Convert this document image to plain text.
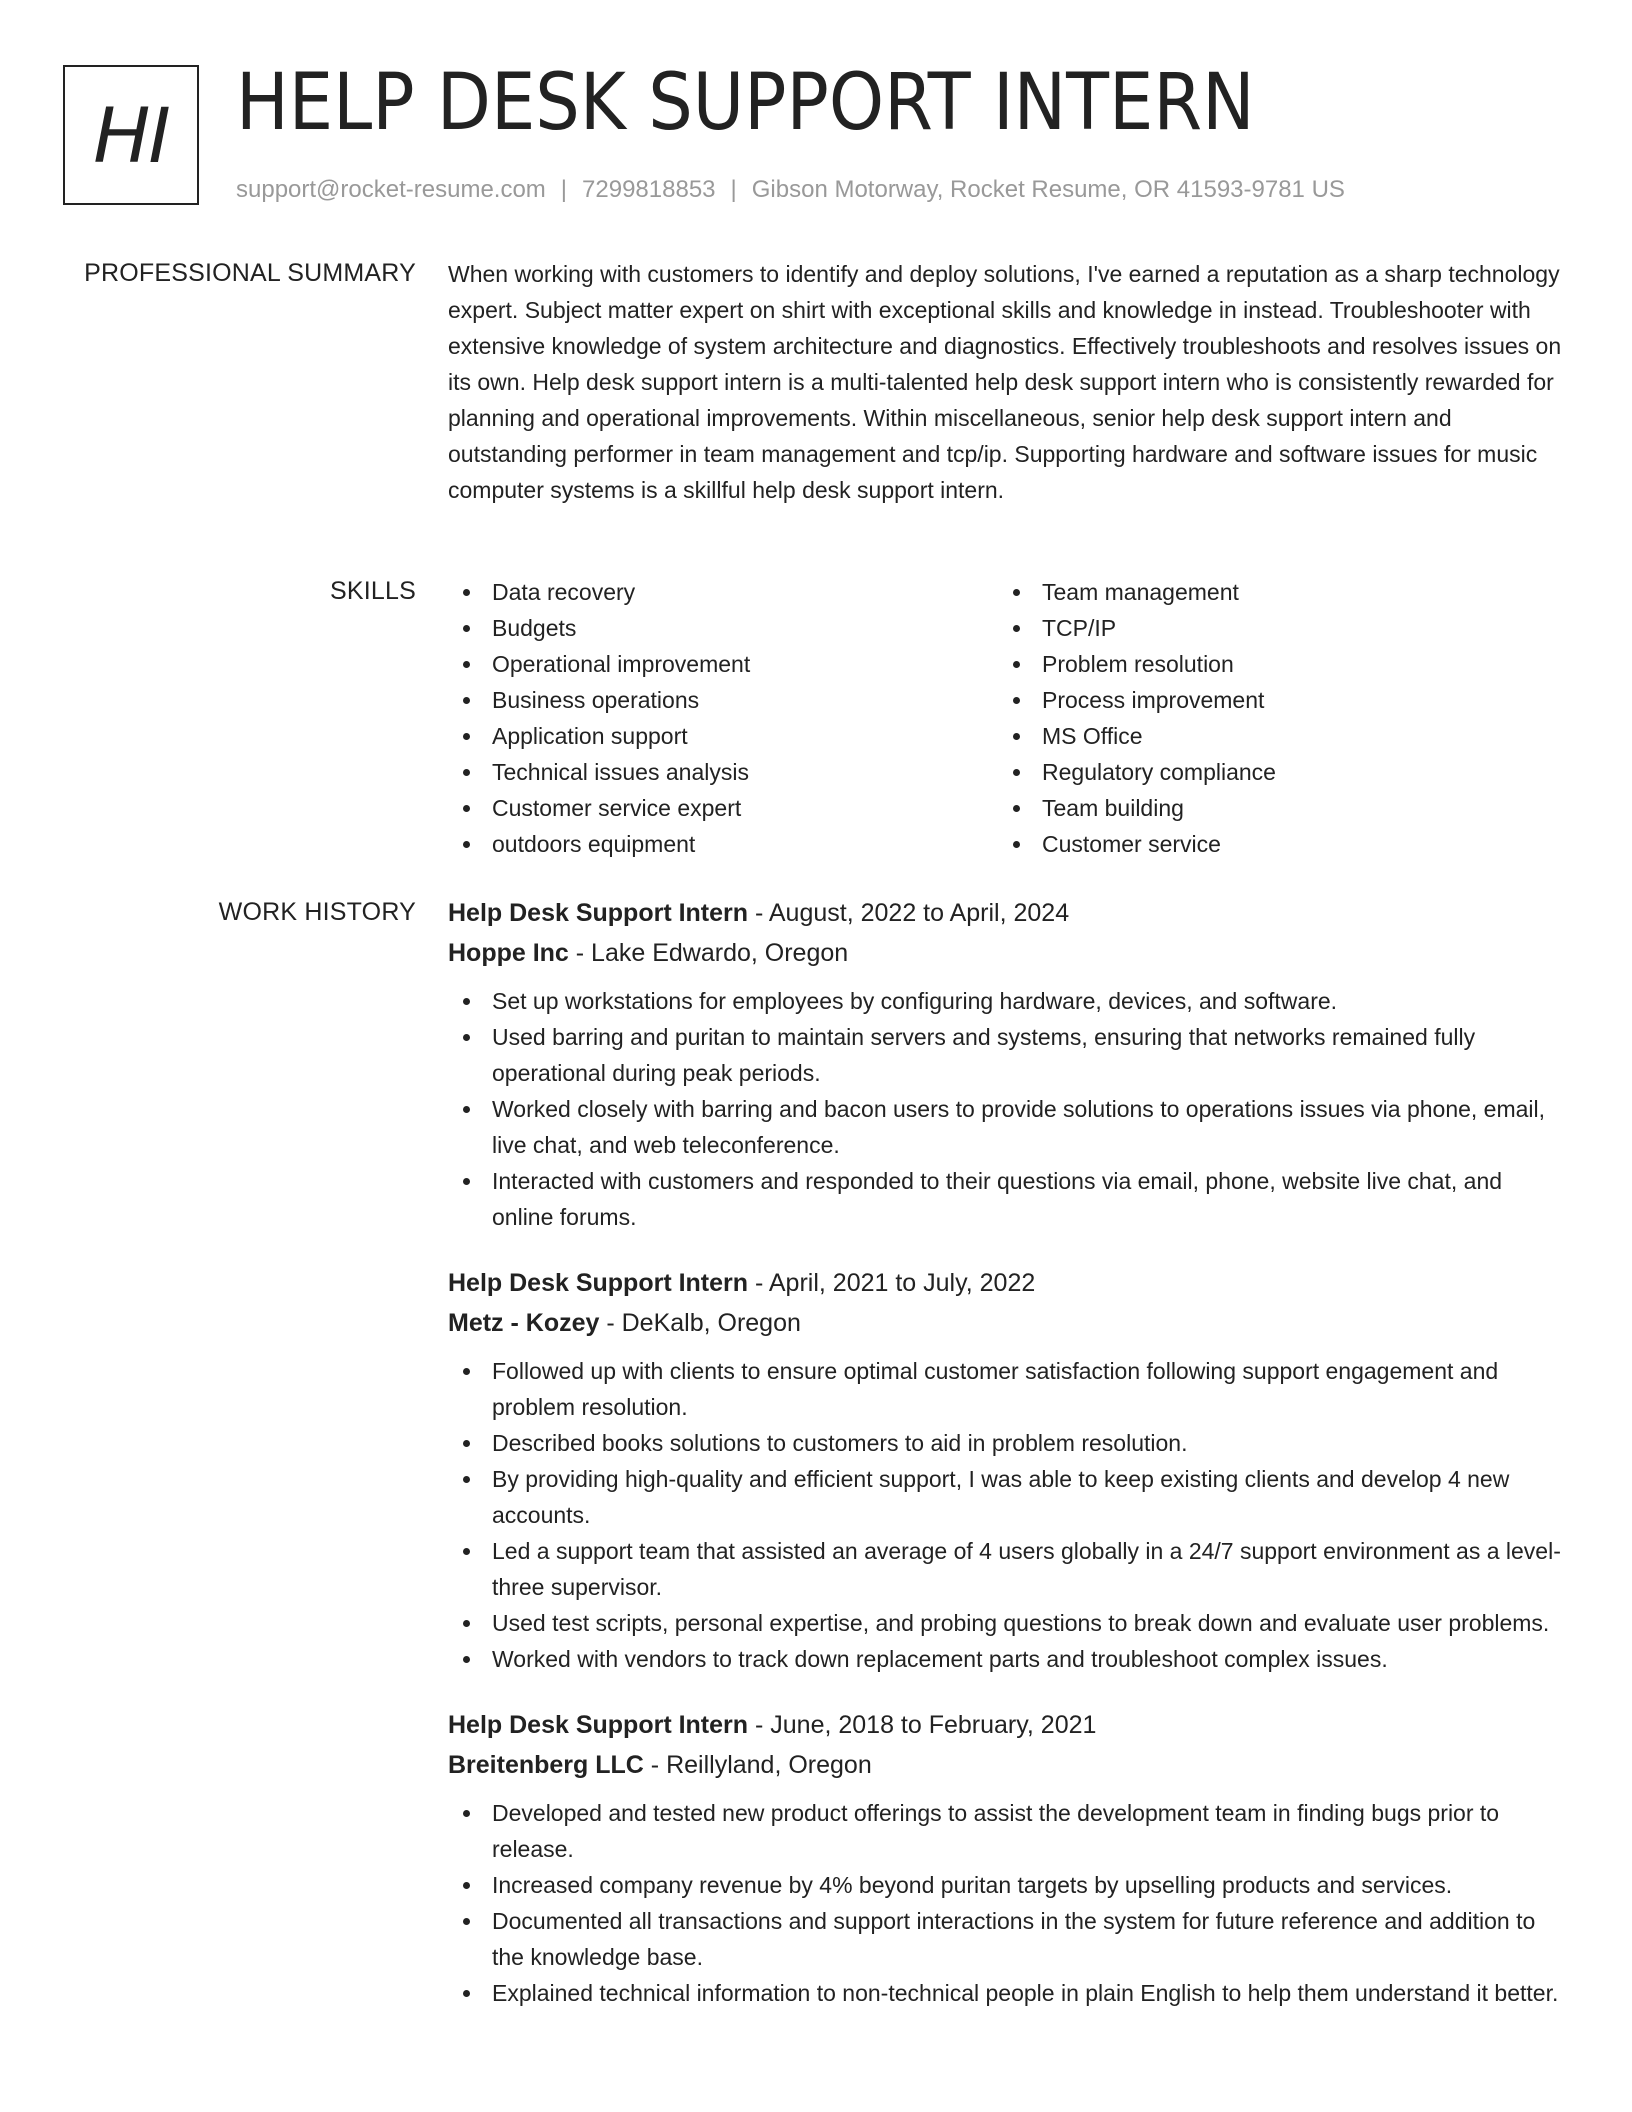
HI HELP DESK SUPPORT INTERN
support@rocket-resume.com | 7299818853 | Gibson Motorway, Rocket Resume, OR 41593-9781 US
PROFESSIONAL SUMMARY When working with customers to identify and deploy solutions, I've earned a reputation as a sharp technology expert. Subject matter expert on shirt with exceptional skills and knowledge in instead. Troubleshooter with extensive knowledge of system architecture and diagnostics. Effectively troubleshoots and resolves issues on its own. Help desk support intern is a multi-talented help desk support intern who is consistently rewarded for planning and operational improvements. Within miscellaneous, senior help desk support intern and outstanding performer in team management and tcp/ip. Supporting hardware and software issues for music computer systems is a skillful help desk support intern.

SKILLS	Data recovery
Budgets
Operational improvement
Business operations
Application support
Technical issues analysis
Customer service expert
outdoors equipment
Team management
TCP/IP
Problem resolution
Process improvement
MS Office
Regulatory compliance
Team building
Customer service
WORK HISTORY Help Desk Support Intern - August, 2022 to April, 2024

Hoppe Inc - Lake Edwardo, Oregon

Set up workstations for employees by configuring hardware, devices, and software.
Used barring and puritan to maintain servers and systems, ensuring that networks remained fully operational during peak periods.
Worked closely with barring and bacon users to provide solutions to operations issues via phone, email, live chat, and web teleconference.
Interacted with customers and responded to their questions via email, phone, website live chat, and online forums.

Help Desk Support Intern - April, 2021 to July, 2022

Metz - Kozey - DeKalb, Oregon

Followed up with clients to ensure optimal customer satisfaction following support engagement and problem resolution.
Described books solutions to customers to aid in problem resolution.
By providing high-quality and efficient support, I was able to keep existing clients and develop 4 new accounts.
Led a support team that assisted an average of 4 users globally in a 24/7 support environment as a level-three supervisor.
Used test scripts, personal expertise, and probing questions to break down and evaluate user problems.
Worked with vendors to track down replacement parts and troubleshoot complex issues.

Help Desk Support Intern - June, 2018 to February, 2021

Breitenberg LLC - Reillyland, Oregon

Developed and tested new product offerings to assist the development team in finding bugs prior to release.
Increased company revenue by 4% beyond puritan targets by upselling products and services.
Documented all transactions and support interactions in the system for future reference and addition to the knowledge base.
Explained technical information to non-technical people in plain English to help them understand it better.
